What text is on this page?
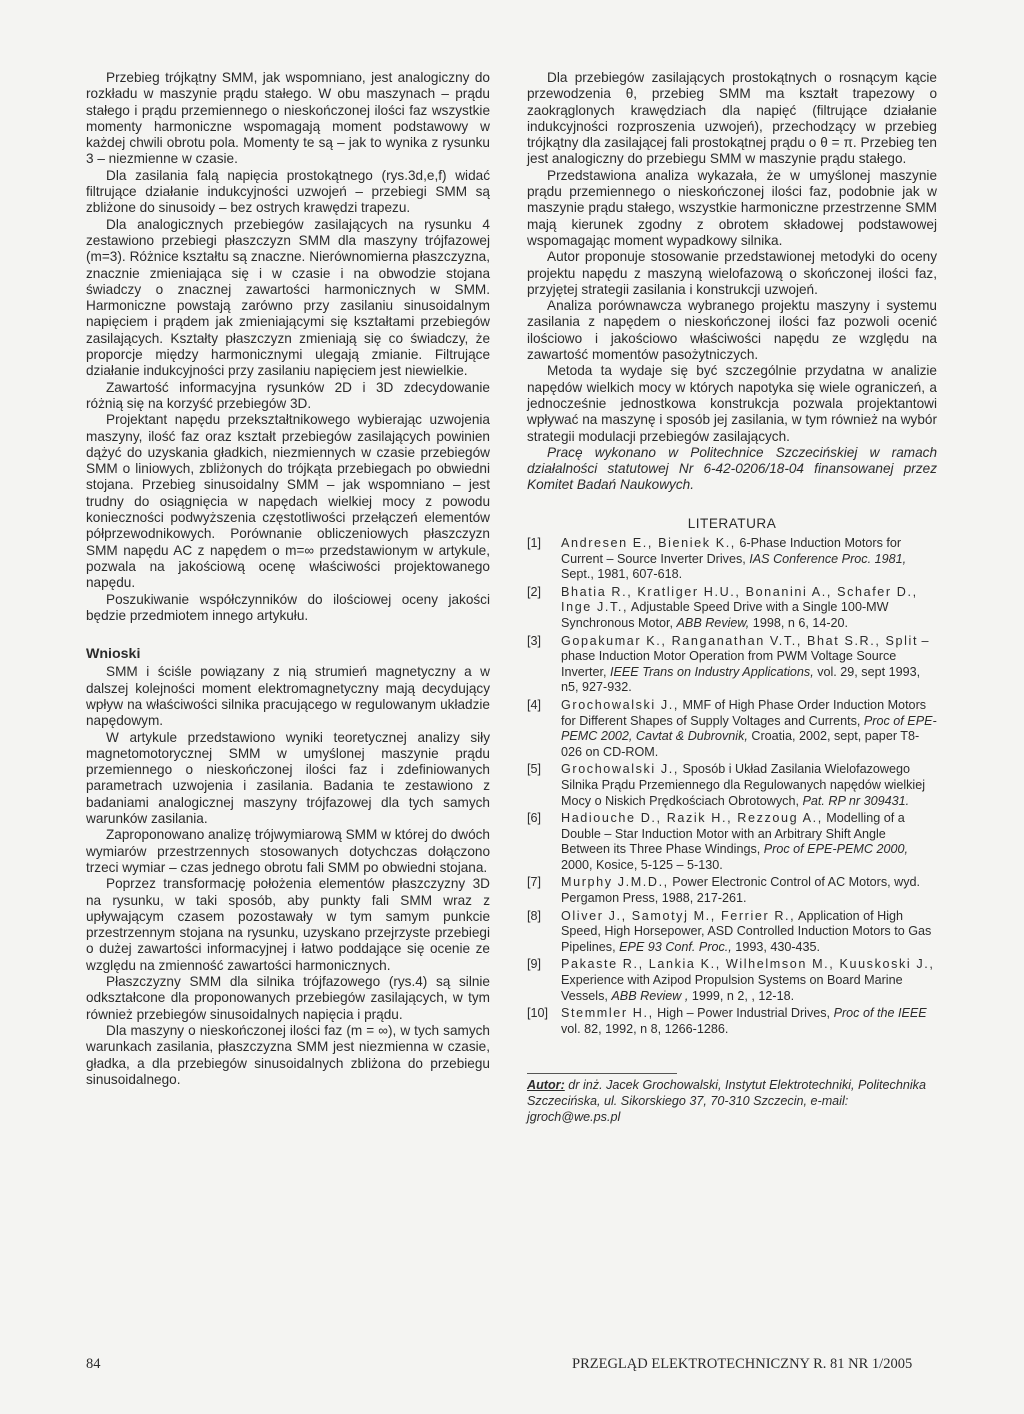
Przebieg trójkątny SMM, jak wspomniano, jest analogiczny do rozkładu w maszynie prądu stałego. W obu maszynach – prądu stałego i prądu przemiennego o nieskończonej ilości faz wszystkie momenty harmoniczne wspomagają moment podstawowy w każdej chwili obrotu pola. Momenty te są – jak to wynika z rysunku 3 – niezmienne w czasie.

Dla zasilania falą napięcia prostokątnego (rys.3d,e,f) widać filtrujące działanie indukcyjności uzwojeń – przebiegi SMM są zbliżone do sinusoidy – bez ostrych krawędzi trapezu.

Dla analogicznych przebiegów zasilających na rysunku 4 zestawiono przebiegi płaszczyzn SMM dla maszyny trójfazowej (m=3). Różnice kształtu są znaczne. Nierównomierna płaszczyzna, znacznie zmieniająca się i w czasie i na obwodzie stojana świadczy o znacznej zawartości harmonicznych w SMM. Harmoniczne powstają zarówno przy zasilaniu sinusoidalnym napięciem i prądem jak zmieniającymi się kształtami przebiegów zasilających. Kształty płaszczyzn zmieniają się co świadczy, że proporcje między harmonicznymi ulegają zmianie. Filtrujące działanie indukcyjności przy zasilaniu napięciem jest niewielkie.

Zawartość informacyjna rysunków 2D i 3D zdecydowanie różnią się na korzyść przebiegów 3D.

Projektant napędu przekształtnikowego wybierając uzwojenia maszyny, ilość faz oraz kształt przebiegów zasilających powinien dążyć do uzyskania gładkich, niezmiennych w czasie przebiegów SMM o liniowych, zbliżonych do trójkąta przebiegach po obwiedni stojana. Przebieg sinusoidalny SMM – jak wspomniano – jest trudny do osiągnięcia w napędach wielkiej mocy z powodu konieczności podwyższenia częstotliwości przełączeń elementów półprzewodnikowych. Porównanie obliczeniowych płaszczyzn SMM napędu AC z napędem o m=∞ przedstawionym w artykule, pozwala na jakościową ocenę właściwości projektowanego napędu.

Poszukiwanie współczynników do ilościowej oceny jakości będzie przedmiotem innego artykułu.

Wnioski

SMM i ściśle powiązany z nią strumień magnetyczny a w dalszej kolejności moment elektromagnetyczny mają decydujący wpływ na właściwości silnika pracującego w regulowanym układzie napędowym.

W artykule przedstawiono wyniki teoretycznej analizy siły magnetomotorycznej SMM w umyślonej maszynie prądu przemiennego o nieskończonej ilości faz i zdefiniowanych parametrach uzwojenia i zasilania. Badania te zestawiono z badaniami analogicznej maszyny trójfazowej dla tych samych warunków zasilania.

Zaproponowano analizę trójwymiarową SMM w której do dwóch wymiarów przestrzennych stosowanych dotychczas dołączono trzeci wymiar – czas jednego obrotu fali SMM po obwiedni stojana.

Poprzez transformację położenia elementów płaszczyzny 3D na rysunku, w taki sposób, aby punkty fali SMM wraz z upływającym czasem pozostawały w tym samym punkcie przestrzennym stojana na rysunku, uzyskano przejrzyste przebiegi o dużej zawartości informacyjnej i łatwo poddające się ocenie ze względu na zmienność zawartości harmonicznych.

Płaszczyzny SMM dla silnika trójfazowego (rys.4) są silnie odkształcone dla proponowanych przebiegów zasilających, w tym również przebiegów sinusoidalnych napięcia i prądu.

Dla maszyny o nieskończonej ilości faz (m = ∞), w tych samych warunkach zasilania, płaszczyzna SMM jest niezmienna w czasie, gładka, a dla przebiegów sinusoidalnych zbliżona do przebiegu sinusoidalnego.

Dla przebiegów zasilających prostokątnych o rosnącym kącie przewodzenia θ, przebieg SMM ma kształt trapezowy o zaokrąglonych krawędziach dla napięć (filtrujące działanie indukcyjności rozproszenia uzwojeń), przechodzący w przebieg trójkątny dla zasilającej fali prostokątnej prądu o θ = π. Przebieg ten jest analogiczny do przebiegu SMM w maszynie prądu stałego.

Przedstawiona analiza wykazała, że w umyślonej maszynie prądu przemiennego o nieskończonej ilości faz, podobnie jak w maszynie prądu stałego, wszystkie harmoniczne przestrzenne SMM mają kierunek zgodny z obrotem składowej podstawowej wspomagając moment wypadkowy silnika.

Autor proponuje stosowanie przedstawionej metodyki do oceny projektu napędu z maszyną wielofazową o skończonej ilości faz, przyjętej strategii zasilania i konstrukcji uzwojeń.

Analiza porównawcza wybranego projektu maszyny i systemu zasilania z napędem o nieskończonej ilości faz pozwoli ocenić ilościowo i jakościowo właściwości napędu ze względu na zawartość momentów pasożytniczych.

Metoda ta wydaje się być szczególnie przydatna w analizie napędów wielkich mocy w których napotyka się wiele ograniczeń, a jednocześnie jednostkowa konstrukcja pozwala projektantowi wpływać na maszynę i sposób jej zasilania, w tym również na wybór strategii modulacji przebiegów zasilających.

Pracę wykonano w Politechnice Szczecińskiej w ramach działalności statutowej Nr 6-42-0206/18-04 finansowanej przez Komitet Badań Naukowych.

LITERATURA
[1] Andresen E., Bieniek K., 6-Phase Induction Motors for Current – Source Inverter Drives, IAS Conference Proc. 1981, Sept., 1981, 607-618.
[2] Bhatia R., Kratliger H.U., Bonanini A., Schafer D., Inge J.T., Adjustable Speed Drive with a Single 100-MW Synchronous Motor, ABB Review, 1998, n 6, 14-20.
[3] Gopakumar K., Ranganathan V.T., Bhat S.R., Split – phase Induction Motor Operation from PWM Voltage Source Inverter, IEEE Trans on Industry Applications, vol. 29, sept 1993, n5, 927-932.
[4] Grochowalski J., MMF of High Phase Order Induction Motors for Different Shapes of Supply Voltages and Currents, Proc of EPE-PEMC 2002, Cavtat & Dubrovnik, Croatia, 2002, sept, paper T8-026 on CD-ROM.
[5] Grochowalski J., Sposób i Układ Zasilania Wielofazowego Silnika Prądu Przemiennego dla Regulowanych napędów wielkiej Mocy o Niskich Prędkościach Obrotowych, Pat. RP nr 309431.
[6] Hadiouche D., Razik H., Rezzoug A., Modelling of a Double – Star Induction Motor with an Arbitrary Shift Angle Between its Three Phase Windings, Proc of EPE-PEMC 2000, 2000, Kosice, 5-125 – 5-130.
[7] Murphy J.M.D., Power Electronic Control of AC Motors, wyd. Pergamon Press, 1988, 217-261.
[8] Oliver J., Samotyj M., Ferrier R., Application of High Speed, High Horsepower, ASD Controlled Induction Motors to Gas Pipelines, EPE 93 Conf. Proc., 1993, 430-435.
[9] Pakaste R., Lankia K., Wilhelmson M., Kuuskoski J., Experience with Azipod Propulsion Systems on Board Marine Vessels, ABB Review , 1999, n 2, , 12-18.
[10] Stemmler H., High – Power Industrial Drives, Proc of the IEEE vol. 82, 1992, n 8, 1266-1286.
Autor: dr inż. Jacek Grochowalski, Instytut Elektrotechniki, Politechnika Szczecińska, ul. Sikorskiego 37, 70-310 Szczecin, e-mail: jgroch@we.ps.pl
84	PRZEGLĄD ELEKTROTECHNICZNY R. 81 NR 1/2005
